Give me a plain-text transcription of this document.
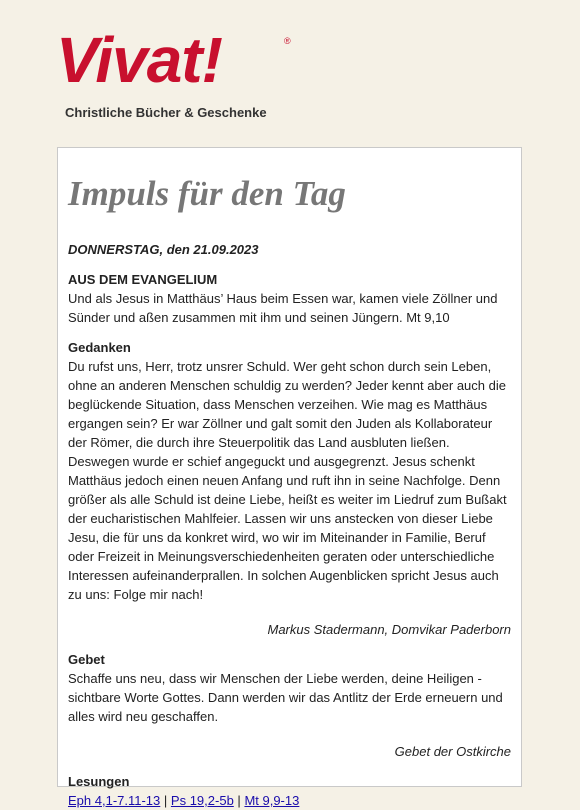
Vivat!	®
Christliche Bücher & Geschenke
Impuls für den Tag

DONNERSTAG, den 21.09.2023

AUS DEM EVANGELIUM

Und als Jesus in Matthäus’ Haus beim Essen war, kamen viele Zöllner und Sünder und aßen zusammen mit ihm und seinen Jüngern. Mt 9,10

Gedanken

Du rufst uns, Herr, trotz unsrer Schuld. Wer geht schon durch sein Leben, ohne an anderen Menschen schuldig zu werden? Jeder kennt aber auch die beglückende Situation, dass Menschen verzeihen. Wie mag es Matthäus ergangen sein? Er war Zöllner und galt somit den Juden als Kollaborateur der Römer, die durch ihre Steuerpolitik das Land ausbluten ließen. Deswegen wurde er schief angeguckt und ausgegrenzt. Jesus schenkt Matthäus jedoch einen neuen Anfang und ruft ihn in seine Nachfolge. Denn größer als alle Schuld ist deine Liebe, heißt es weiter im Liedruf zum Bußakt der eucharistischen Mahlfeier. Lassen wir uns anstecken von dieser Liebe Jesu, die für uns da konkret wird, wo wir im Miteinander in Familie, Beruf oder Freizeit in Meinungsverschiedenheiten geraten oder unterschiedliche Interessen aufeinanderprallen. In solchen Augenblicken spricht Jesus auch zu uns: Folge mir nach!

Markus Stadermann, Domvikar Paderborn

Gebet

Schaffe uns neu, dass wir Menschen der Liebe werden, deine Heiligen - sichtbare Worte Gottes. Dann werden wir das Antlitz der Erde erneuern und alles wird neu geschaffen.

Gebet der Ostkirche

Lesungen

Eph 4,1-7.11-13 | Ps 19,2-5b | Mt 9,9-13
